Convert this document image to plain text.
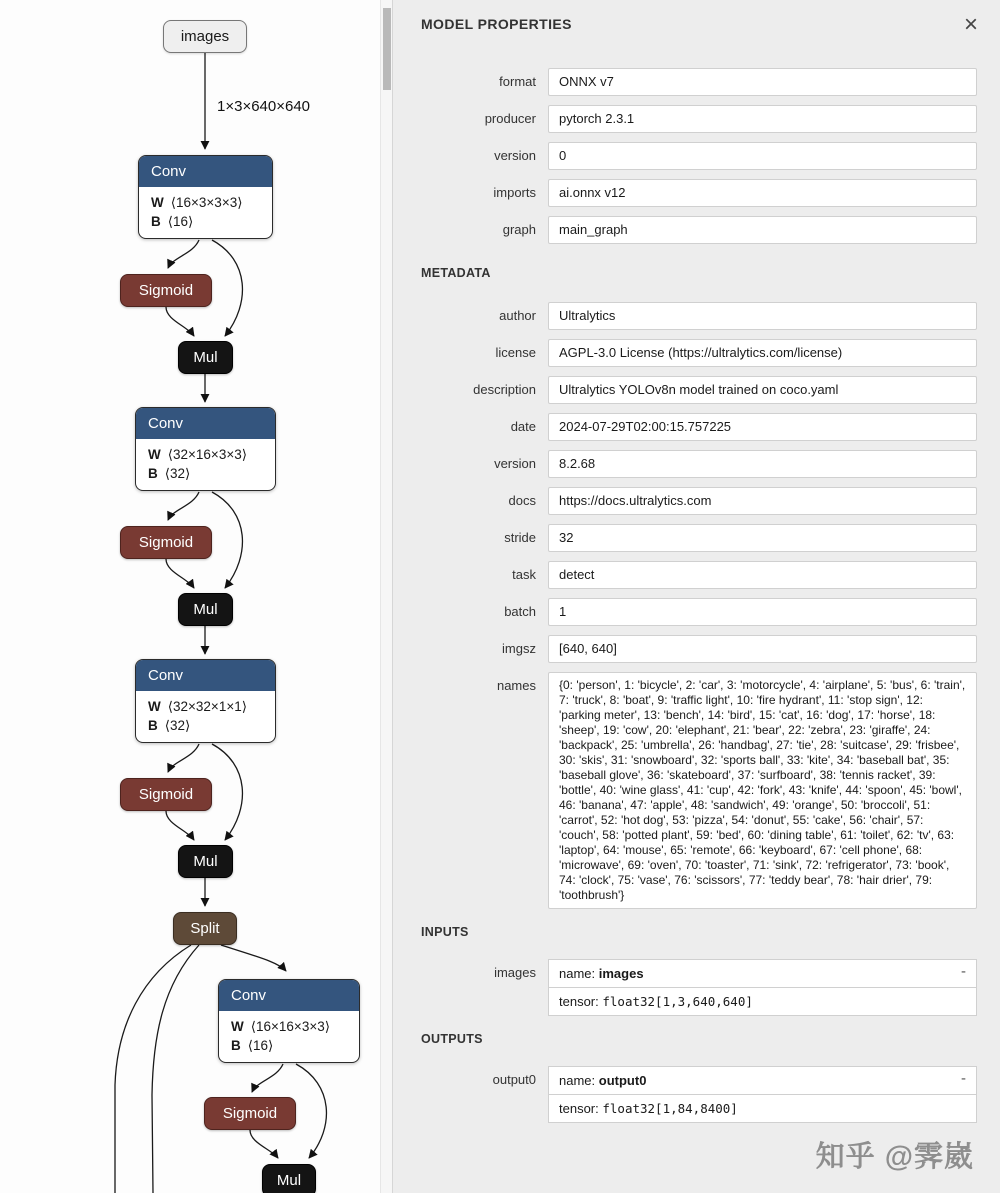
images
1×3×640×640
Conv
W ⟨16×3×3×3⟩
B ⟨16⟩
Sigmoid
Mul
Conv
W ⟨32×16×3×3⟩
B ⟨32⟩
Sigmoid
Mul
Conv
W ⟨32×32×1×1⟩
B ⟨32⟩
Sigmoid
Mul
Split
Conv
W ⟨16×16×3×3⟩
B ⟨16⟩
Sigmoid
Mul
MODEL PROPERTIES	×
format	ONNX v7
producer	pytorch 2.3.1
version	0
imports	ai.onnx v12
graph	main_graph
METADATA
author	Ultralytics
license	AGPL-3.0 License (https://ultralytics.com/license)
description	Ultralytics YOLOv8n model trained on coco.yaml
date	2024-07-29T02:00:15.757225
version	8.2.68
docs	https://docs.ultralytics.com
stride	32
task	detect
batch	1
imgsz	[640, 640]
names	{0: 'person', 1: 'bicycle', 2: 'car', 3: 'motorcycle', 4: 'airplane', 5: 'bus', 6: 'train', 7: 'truck', 8: 'boat', 9: 'traffic light', 10: 'fire hydrant', 11: 'stop sign', 12: 'parking meter', 13: 'bench', 14: 'bird', 15: 'cat', 16: 'dog', 17: 'horse', 18: 'sheep', 19: 'cow', 20: 'elephant', 21: 'bear', 22: 'zebra', 23: 'giraffe', 24: 'backpack', 25: 'umbrella', 26: 'handbag', 27: 'tie', 28: 'suitcase', 29: 'frisbee', 30: 'skis', 31: 'snowboard', 32: 'sports ball', 33: 'kite', 34: 'baseball bat', 35: 'baseball glove', 36: 'skateboard', 37: 'surfboard', 38: 'tennis racket', 39: 'bottle', 40: 'wine glass', 41: 'cup', 42: 'fork', 43: 'knife', 44: 'spoon', 45: 'bowl', 46: 'banana', 47: 'apple', 48: 'sandwich', 49: 'orange', 50: 'broccoli', 51: 'carrot', 52: 'hot dog', 53: 'pizza', 54: 'donut', 55: 'cake', 56: 'chair', 57: 'couch', 58: 'potted plant', 59: 'bed', 60: 'dining table', 61: 'toilet', 62: 'tv', 63: 'laptop', 64: 'mouse', 65: 'remote', 66: 'keyboard', 67: 'cell phone', 68: 'microwave', 69: 'oven', 70: 'toaster', 71: 'sink', 72: 'refrigerator', 73: 'book', 74: 'clock', 75: 'vase', 76: 'scissors', 77: 'teddy bear', 78: 'hair drier', 79: 'toothbrush'}
INPUTS
images	name: images	-
tensor: float32[1,3,640,640]
OUTPUTS
output0	name: output0	-
tensor: float32[1,84,8400]
知乎 @霁崴
